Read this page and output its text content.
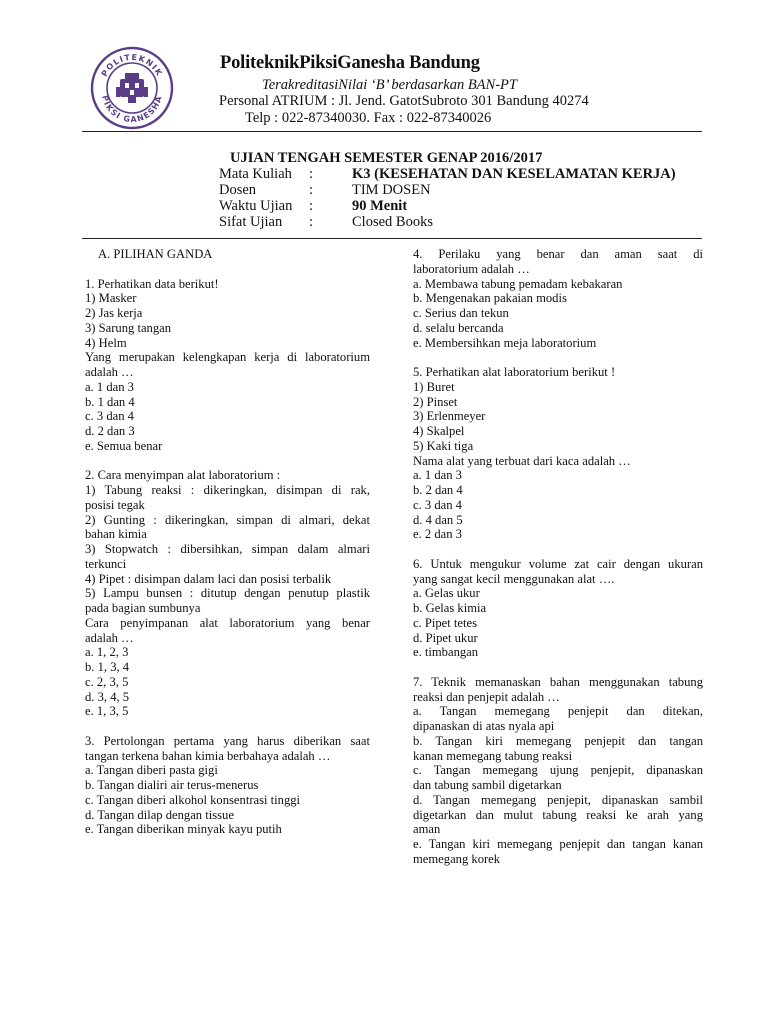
POLITEKNIK
PIKSI GANESHA
PoliteknikPiksiGanesha Bandung
TerakreditasiNilai ‘B’ berdasarkan BAN-PT
Personal ATRIUM : Jl. Jend. GatotSubroto 301 Bandung 40274
Telp : 022-87340030. Fax : 022-87340026
UJIAN TENGAH SEMESTER GENAP 2016/2017
Mata Kuliah :	K3 (KESEHATAN DAN KESELAMATAN KERJA)
Dosen	:	TIM DOSEN
Waktu Ujian :	90 Menit
Sifat Ujian :	Closed Books
A. PILIHAN GANDA
1. Perhatikan data berikut!
1) Masker
2) Jas kerja
3) Sarung tangan
4) Helm
Yang merupakan kelengkapan kerja di laboratorium
adalah …
a. 1 dan 3
b. 1 dan 4
c. 3 dan 4
d. 2 dan 3
e. Semua benar
2. Cara menyimpan alat laboratorium :
1) Tabung reaksi : dikeringkan, disimpan di rak,
posisi tegak
2) Gunting : dikeringkan, simpan di almari, dekat
bahan kimia
3) Stopwatch : dibersihkan, simpan dalam almari
terkunci
4) Pipet : disimpan dalam laci dan posisi terbalik
5) Lampu bunsen : ditutup dengan penutup plastik
pada bagian sumbunya
Cara penyimpanan alat laboratorium yang benar
adalah …
a. 1, 2, 3
b. 1, 3, 4
c. 2, 3, 5
d. 3, 4, 5
e. 1, 3, 5
3. Pertolongan pertama yang harus diberikan saat
tangan terkena bahan kimia berbahaya adalah …
a. Tangan diberi pasta gigi
b. Tangan dialiri air terus-menerus
c. Tangan diberi alkohol konsentrasi tinggi
d. Tangan dilap dengan tissue
e. Tangan diberikan minyak kayu putih
4. Perilaku yang benar dan aman saat di
laboratorium adalah …
a. Membawa tabung pemadam kebakaran
b. Mengenakan pakaian modis
c. Serius dan tekun
d. selalu bercanda
e. Membersihkan meja laboratorium
5. Perhatikan alat laboratorium berikut !
1) Buret
2) Pinset
3) Erlenmeyer
4) Skalpel
5) Kaki tiga
Nama alat yang terbuat dari kaca adalah …
a. 1 dan 3
b. 2 dan 4
c. 3 dan 4
d. 4 dan 5
e. 2 dan 3
6. Untuk mengukur volume zat cair dengan ukuran
yang sangat kecil menggunakan alat ….
a. Gelas ukur
b. Gelas kimia
c. Pipet tetes
d. Pipet ukur
e. timbangan
7. Teknik memanaskan bahan menggunakan tabung
reaksi dan penjepit adalah …
a. Tangan memegang penjepit dan ditekan,
dipanaskan di atas nyala api
b. Tangan kiri memegang penjepit dan tangan
kanan memegang tabung reaksi
c. Tangan memegang ujung penjepit, dipanaskan
dan tabung sambil digetarkan
d. Tangan memegang penjepit, dipanaskan sambil
digetarkan dan mulut tabung reaksi ke arah yang
aman
e. Tangan kiri memegang penjepit dan tangan kanan
memegang korek
